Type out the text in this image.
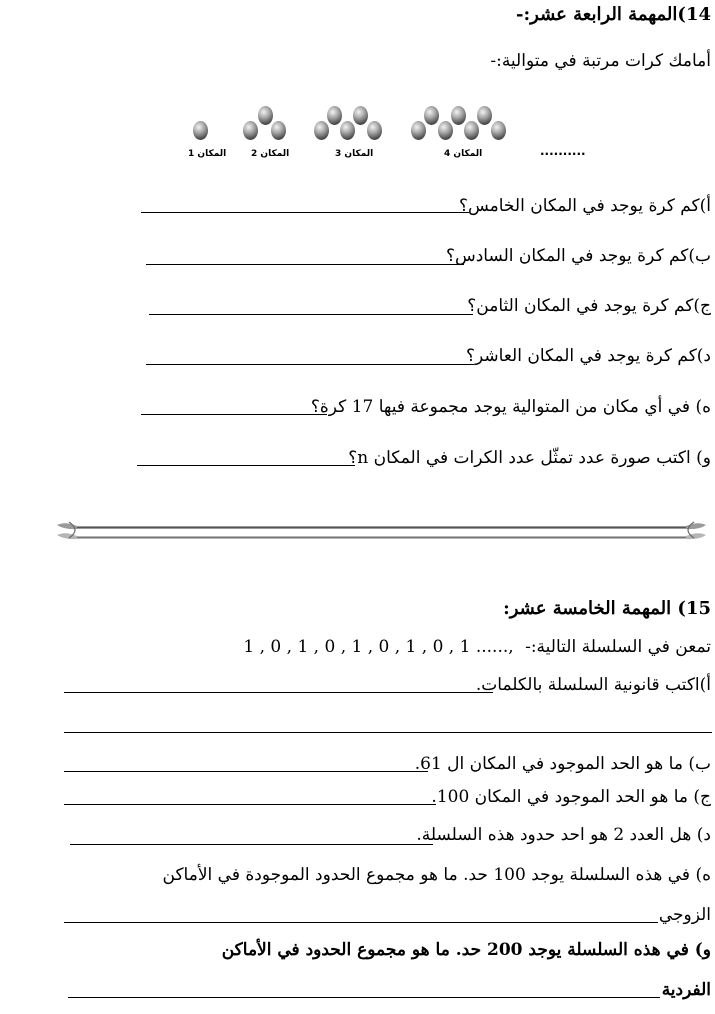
14)المهمة الرابعة عشر:-
أمامك كرات مرتبة في متوالية:-
المكان 1	المكان 2	المكان 3	المكان 4	..........
أ)كم كرة يوجد في المكان الخامس؟
ب)كم كرة يوجد في المكان السادس؟
ج)كم كرة يوجد في المكان الثامن؟
د)كم كرة يوجد في المكان العاشر؟
ه) في أي مكان من المتوالية يوجد مجموعة فيها 17 كرة؟
و) اكتب صورة عدد تمثّل عدد الكرات في المكان n؟
15) المهمة الخامسة عشر:
تمعن في السلسلة التالية:- 1 , 0 , 1 , 0 , 1 , 0 , 1 , 0 , 1 ......,
أ)اكتب قانونية السلسلة بالكلمات.
ب) ما هو الحد الموجود في المكان ال 61.
ج) ما هو الحد الموجود في المكان 100.
د) هل العدد 2 هو احد حدود هذه السلسلة.
ه) في هذه السلسلة يوجد 100 حد. ما هو مجموع الحدود الموجودة في الأماكن
الزوجي
و) في هذه السلسلة يوجد 200 حد. ما هو مجموع الحدود في الأماكن
الفردية
